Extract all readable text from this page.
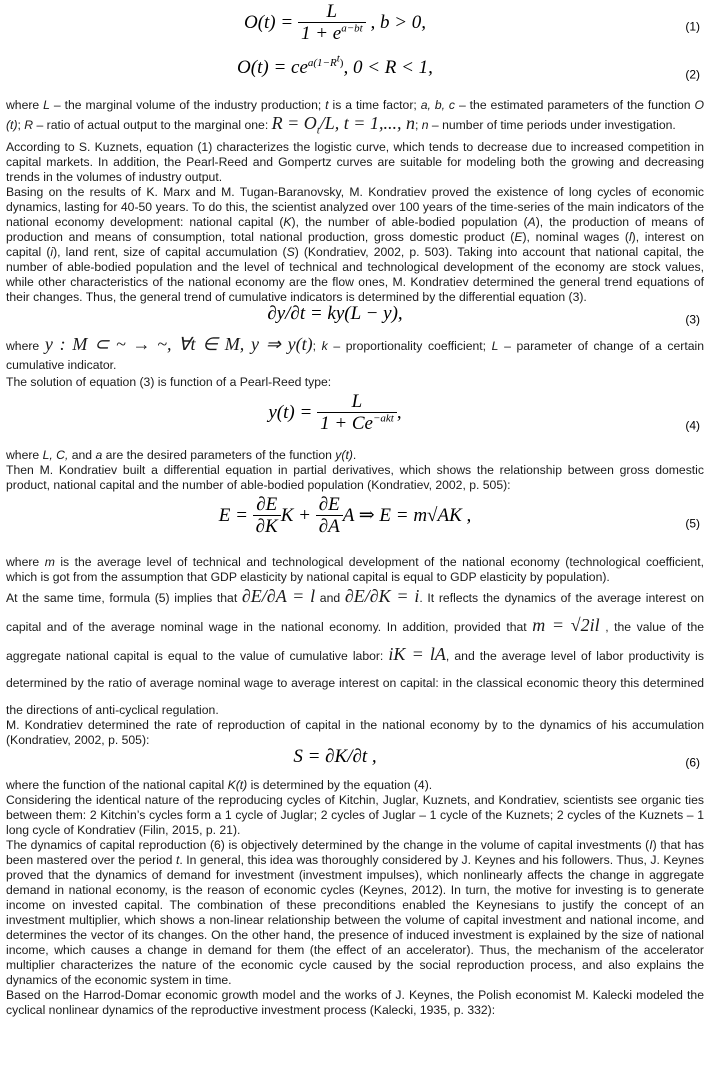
$O(t) = \frac{L}{1 + e^{a-bt}}$ , b > 0,	(1)
$O(t) = ce^{a(1-R^t)}$, 0 < R < 1,	(2)

where L – the marginal volume of the industry production; t is a time factor; a, b, c – the estimated parameters of the function O (t); R – ratio of actual output to the marginal one: $R = O_t/L$, t = 1,..., n; n – number of time periods under investigation.

According to S. Kuznets, equation (1) characterizes the logistic curve, which tends to decrease due to increased competition in capital markets. In addition, the Pearl-Reed and Gompertz curves are suitable for modeling both the growing and decreasing trends in the volumes of industry output.

Basing on the results of K. Marx and M. Tugan-Baranovsky, M. Kondratiev proved the existence of long cycles of economic dynamics, lasting for 40-50 years. To do this, the scientist analyzed over 100 years of the time-series of the main indicators of the national economy development: national capital (K), the number of able-bodied population (A), the production of means of production and means of consumption, total national production, gross domestic product (E), nominal wages (l), interest on capital (i), land rent, size of capital accumulation (S) (Kondratiev, 2002, p. 503). Taking into account that national capital, the number of able-bodied population and the level of technical and technological development of the economy are stock values, while other characteristics of the national economy are the flow ones, M. Kondratiev determined the general trend equations of their changes. Thus, the general trend of cumulative indicators is determined by the differential equation (3).

∂y/∂t = ky(L − y),	(3)

where y : M ⊂ ~ → ~, ∀t ∈ M, y ⇒ y(t); k – proportionality coefficient; L – parameter of change of a certain cumulative indicator.

The solution of equation (3) is function of a Pearl-Reed type:

$y(t) = \frac{L}{1 + Ce^{-akt}}$ ,
(4)

where L, C, and a are the desired parameters of the function y(t).

Then M. Kondratiev built a differential equation in partial derivatives, which shows the relationship between gross domestic product, national capital and the number of able-bodied population (Kondratiev, 2002, p. 505):

$E = \frac{\partial E}{\partial K}$ $K + \frac{\partial E}{\partial A}$ A ⇒ E = m√AK ,	(5)

where m is the average level of technical and technological development of the national economy (technological coefficient, which is got from the assumption that GDP elasticity by national capital is equal to GDP elasticity by population).

At the same time, formula (5) implies that ∂E/∂A = l and ∂E/∂K = i. It reflects the dynamics of the average interest on capital and of the average nominal wage in the national economy. In addition, provided that m = √2il , the value of the aggregate national capital is equal to the value of cumulative labor: iK = lA, and the average level of labor productivity is determined by the ratio of average nominal wage to average interest on capital: in the classical economic theory this determined the directions of anti-cyclical regulation.

M. Kondratiev determined the rate of reproduction of capital in the national economy by to the dynamics of his accumulation (Kondratiev, 2002, p. 505):

S = ∂K/∂t ,	(6)

where the function of the national capital K(t) is determined by the equation (4).

Considering the identical nature of the reproducing cycles of Kitchin, Juglar, Kuznets, and Kondratiev, scientists see organic ties between them: 2 Kitchin’s cycles form a 1 cycle of Juglar; 2 cycles of Juglar – 1 cycle of the Kuznets; 2 cycles of the Kuznets – 1 long cycle of Kondratiev (Filin, 2015, p. 21).

The dynamics of capital reproduction (6) is objectively determined by the change in the volume of capital investments (I) that has been mastered over the period t. In general, this idea was thoroughly considered by J. Keynes and his followers. Thus, J. Keynes proved that the dynamics of demand for investment (investment impulses), which nonlinearly affects the change in aggregate demand in national economy, is the reason of economic cycles (Keynes, 2012). In turn, the motive for investing is to generate income on invested capital. The combination of these preconditions enabled the Keynesians to justify the concept of an investment multiplier, which shows a non-linear relationship between the volume of capital investment and national income, and determines the vector of its changes. On the other hand, the presence of induced investment is explained by the size of national income, which causes a change in demand for them (the effect of an accelerator). Thus, the mechanism of the accelerator multiplier characterizes the nature of the economic cycle caused by the social reproduction process, and also explains the dynamics of the economic system in time.

Based on the Harrod-Domar economic growth model and the works of J. Keynes, the Polish economist M. Kalecki modeled the cyclical nonlinear dynamics of the reproductive investment process (Kalecki, 1935, p. 332):
